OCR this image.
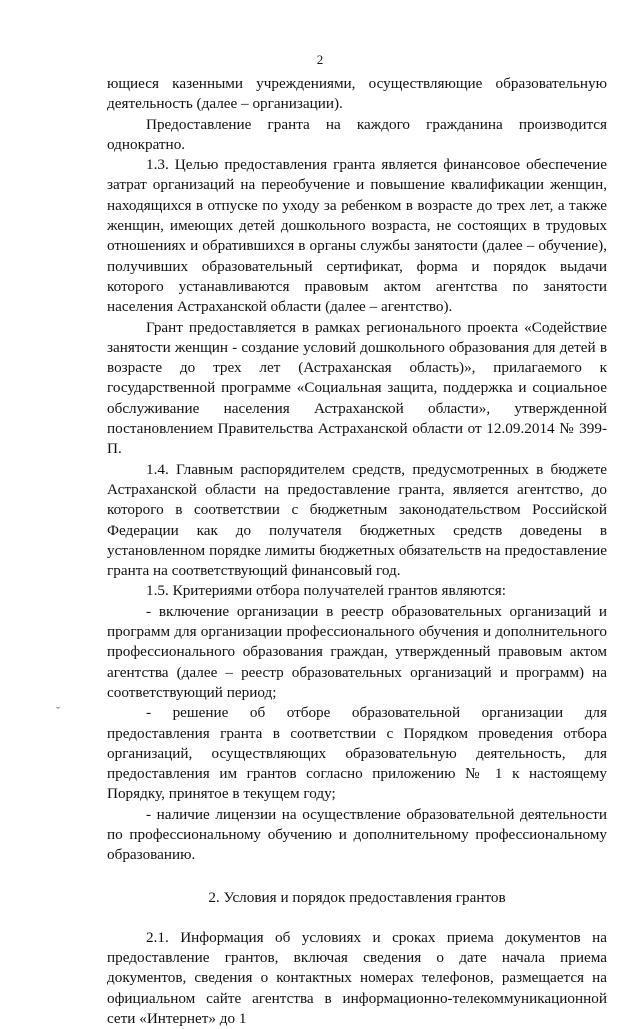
2

ющиеся казенными учреждениями, осуществляющие образовательную деятельность (далее – организации).

Предоставление гранта на каждого гражданина производится однократно.

1.3. Целью предоставления гранта является финансовое обеспечение затрат организаций на переобучение и повышение квалификации женщин, находящихся в отпуске по уходу за ребенком в возрасте до трех лет, а также женщин, имеющих детей дошкольного возраста, не состоящих в трудовых отношениях и обратившихся в органы службы занятости (далее – обучение), получивших образовательный сертификат, форма и порядок выдачи которого устанавливаются правовым актом агентства по занятости населения Астраханской области (далее – агентство).

Грант предоставляется в рамках регионального проекта «Содействие занятости женщин - создание условий дошкольного образования для детей в возрасте до трех лет (Астраханская область)», прилагаемого к государственной программе «Социальная защита, поддержка и социальное обслуживание населения Астраханской области», утвержденной постановлением Правительства Астраханской области от 12.09.2014 № 399-П.

1.4. Главным распорядителем средств, предусмотренных в бюджете Астраханской области на предоставление гранта, является агентство, до которого в соответствии с бюджетным законодательством Российской Федерации как до получателя бюджетных средств доведены в установленном порядке лимиты бюджетных обязательств на предоставление гранта на соответствующий финансовый год.

1.5. Критериями отбора получателей грантов являются:

- включение организации в реестр образовательных организаций и программ для организации профессионального обучения и дополнительного профессионального образования граждан, утвержденный правовым актом агентства (далее – реестр образовательных организаций и программ) на соответствующий период;

- решение об отборе образовательной организации для предоставления гранта в соответствии с Порядком проведения отбора организаций, осуществляющих образовательную деятельность, для предоставления им грантов согласно приложению № 1 к настоящему Порядку, принятое в текущем году;

- наличие лицензии на осуществление образовательной деятельности по профессиональному обучению и дополнительному профессиональному образованию.

2. Условия и порядок предоставления грантов

2.1. Информация об условиях и сроках приема документов на предоставление грантов, включая сведения о дате начала приема документов, сведения о контактных номерах телефонов, размещается на официальном сайте агентства в информационно-телекоммуникационной сети «Интернет» до 1

ˇ
